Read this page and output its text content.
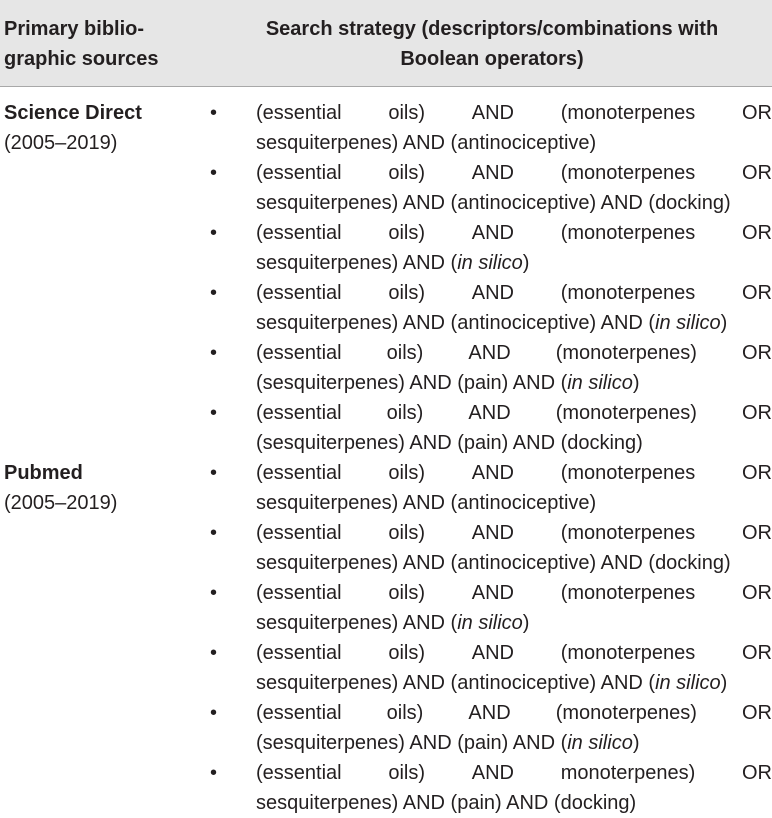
Primary biblio-
graphic sources
Search strategy (descriptors/combinations with
Boolean operators)
Science Direct
(2005–2019)
• (essential oils) AND (monoterpenes OR
sesquiterpenes) AND (antinociceptive)
• (essential oils) AND (monoterpenes OR
sesquiterpenes) AND (antinociceptive) AND (docking)
• (essential oils) AND (monoterpenes OR
sesquiterpenes) AND (in silico)
• (essential oils) AND (monoterpenes OR
sesquiterpenes) AND (antinociceptive) AND (in silico)
• (essential oils) AND (monoterpenes) OR
(sesquiterpenes) AND (pain) AND (in silico)
• (essential oils) AND (monoterpenes) OR
(sesquiterpenes) AND (pain) AND (docking)
Pubmed
(2005–2019)
• (essential oils) AND (monoterpenes OR
sesquiterpenes) AND (antinociceptive)
• (essential oils) AND (monoterpenes OR
sesquiterpenes) AND (antinociceptive) AND (docking)
• (essential oils) AND (monoterpenes OR
sesquiterpenes) AND (in silico)
• (essential oils) AND (monoterpenes OR
sesquiterpenes) AND (antinociceptive) AND (in silico)
• (essential oils) AND (monoterpenes) OR
(sesquiterpenes) AND (pain) AND (in silico)
• (essential oils) AND monoterpenes) OR
sesquiterpenes) AND (pain) AND (docking)
